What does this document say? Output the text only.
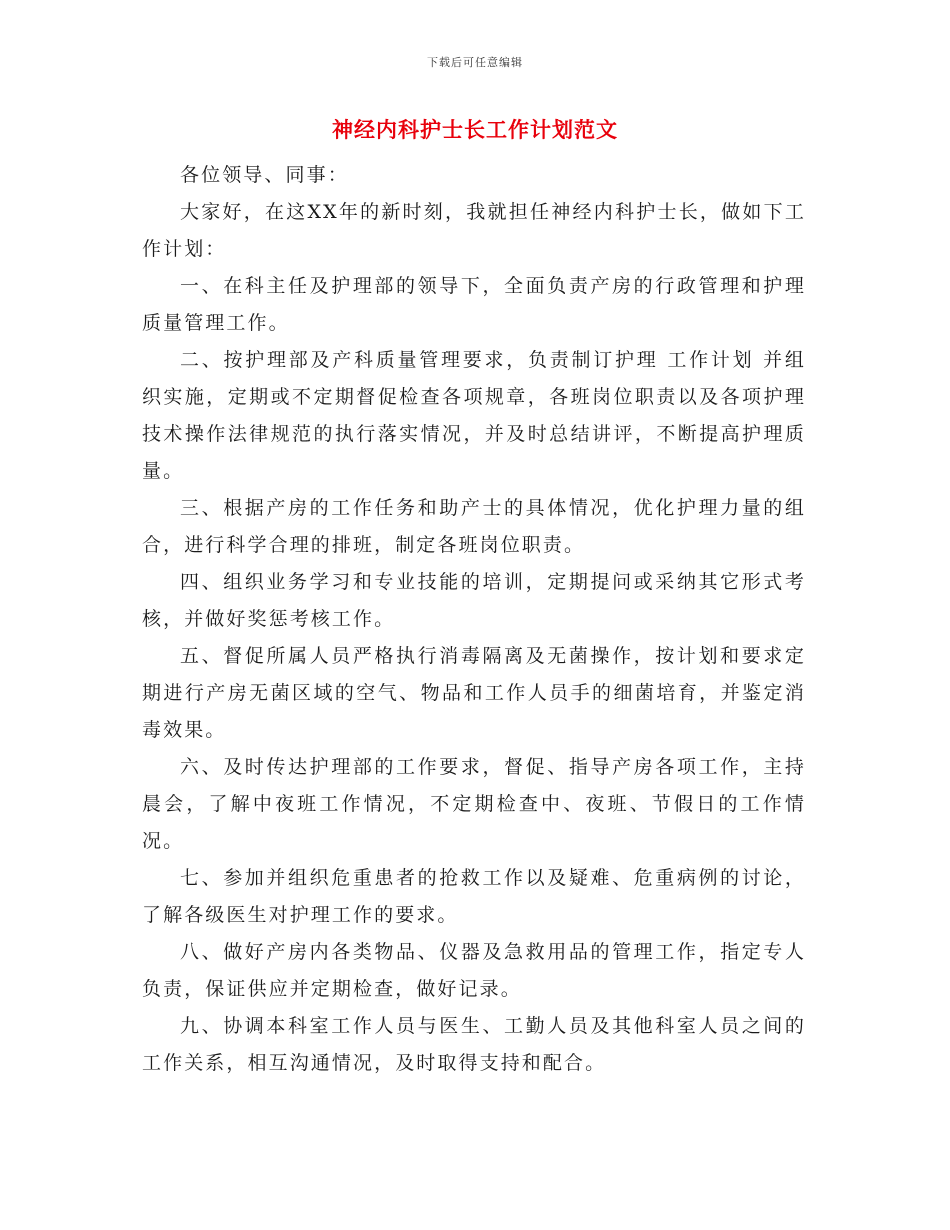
下载后可任意编辑
神经内科护士长工作计划范文

各位领导、同事：

大家好，在这XX年的新时刻，我就担任神经内科护士长，做如下工作计划：

一、在科主任及护理部的领导下，全面负责产房的行政管理和护理质量管理工作。

二、按护理部及产科质量管理要求，负责制订护理 工作计划 并组织实施，定期或不定期督促检查各项规章，各班岗位职责以及各项护理技术操作法律规范的执行落实情况，并及时总结讲评，不断提高护理质量。

三、根据产房的工作任务和助产士的具体情况，优化护理力量的组合，进行科学合理的排班，制定各班岗位职责。

四、组织业务学习和专业技能的培训，定期提问或采纳其它形式考核，并做好奖惩考核工作。

五、督促所属人员严格执行消毒隔离及无菌操作，按计划和要求定期进行产房无菌区域的空气、物品和工作人员手的细菌培育，并鉴定消毒效果。

六、及时传达护理部的工作要求，督促、指导产房各项工作，主持晨会，了解中夜班工作情况，不定期检查中、夜班、节假日的工作情况。

七、参加并组织危重患者的抢救工作以及疑难、危重病例的讨论，了解各级医生对护理工作的要求。

八、做好产房内各类物品、仪器及急救用品的管理工作，指定专人负责，保证供应并定期检查，做好记录。

九、协调本科室工作人员与医生、工勤人员及其他科室人员之间的工作关系，相互沟通情况，及时取得支持和配合。
